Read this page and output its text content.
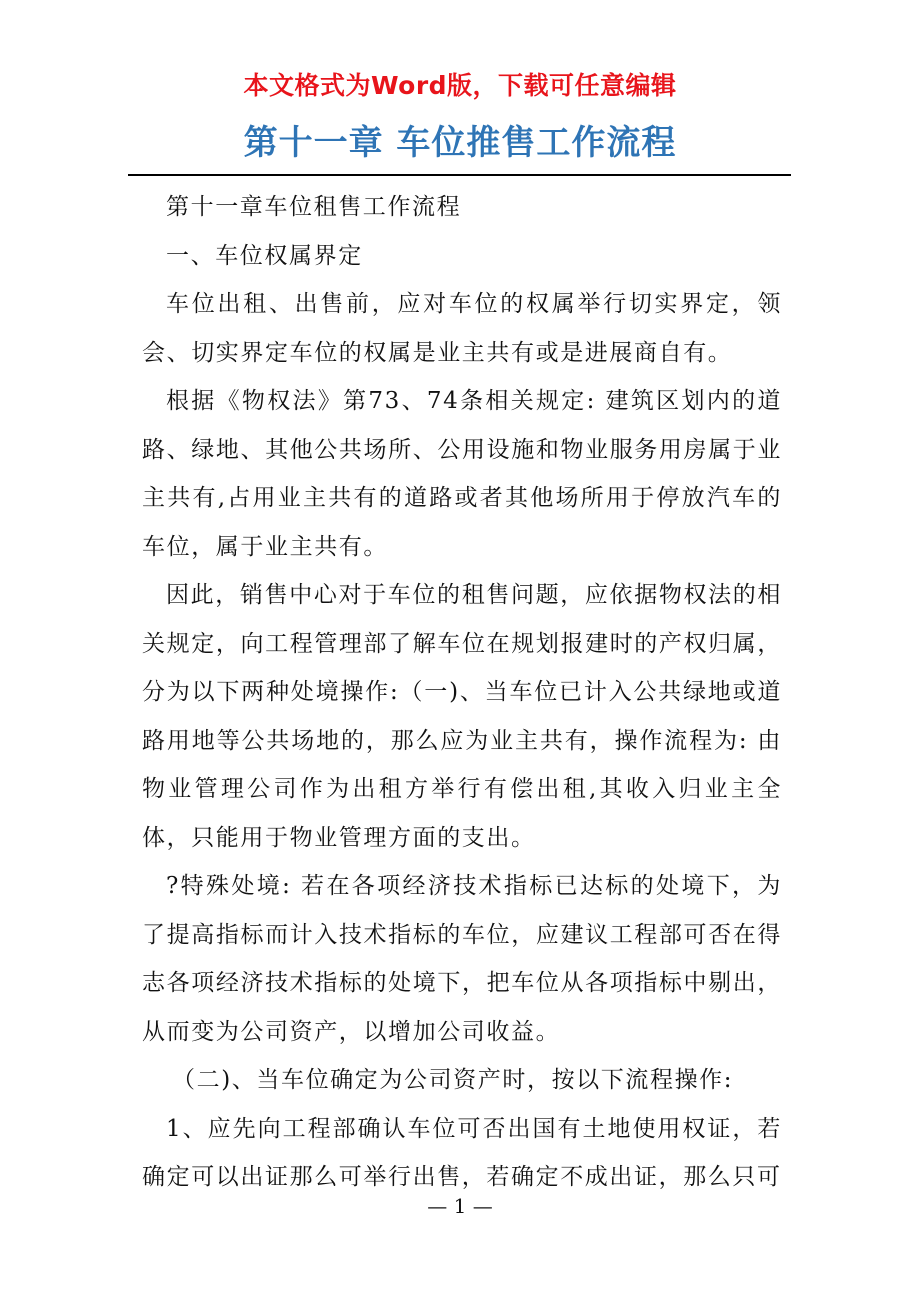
本文格式为Word版，下载可任意编辑
第十一章 车位推售工作流程

第十一章车位租售工作流程

一、车位权属界定

车位出租、出售前，应对车位的权属举行切实界定，领会、切实界定车位的权属是业主共有或是进展商自有。

根据《物权法》第73、74条相关规定: 建筑区划内的道路、绿地、其他公共场所、公用设施和物业服务用房属于业主共有,占用业主共有的道路或者其他场所用于停放汽车的车位，属于业主共有。

因此，销售中心对于车位的租售问题，应依据物权法的相关规定，向工程管理部了解车位在规划报建时的产权归属，分为以下两种处境操作:（一)、当车位已计入公共绿地或道路用地等公共场地的，那么应为业主共有，操作流程为: 由物业管理公司作为出租方举行有偿出租,其收入归业主全体，只能用于物业管理方面的支出。

?特殊处境: 若在各项经济技术指标已达标的处境下，为了提高指标而计入技术指标的车位，应建议工程部可否在得志各项经济技术指标的处境下，把车位从各项指标中剔出，从而变为公司资产，以增加公司收益。

（二)、当车位确定为公司资产时，按以下流程操作:

1、应先向工程部确认车位可否出国有土地使用权证，若确定可以出证那么可举行出售，若确定不成出证，那么只可

— 1 —
